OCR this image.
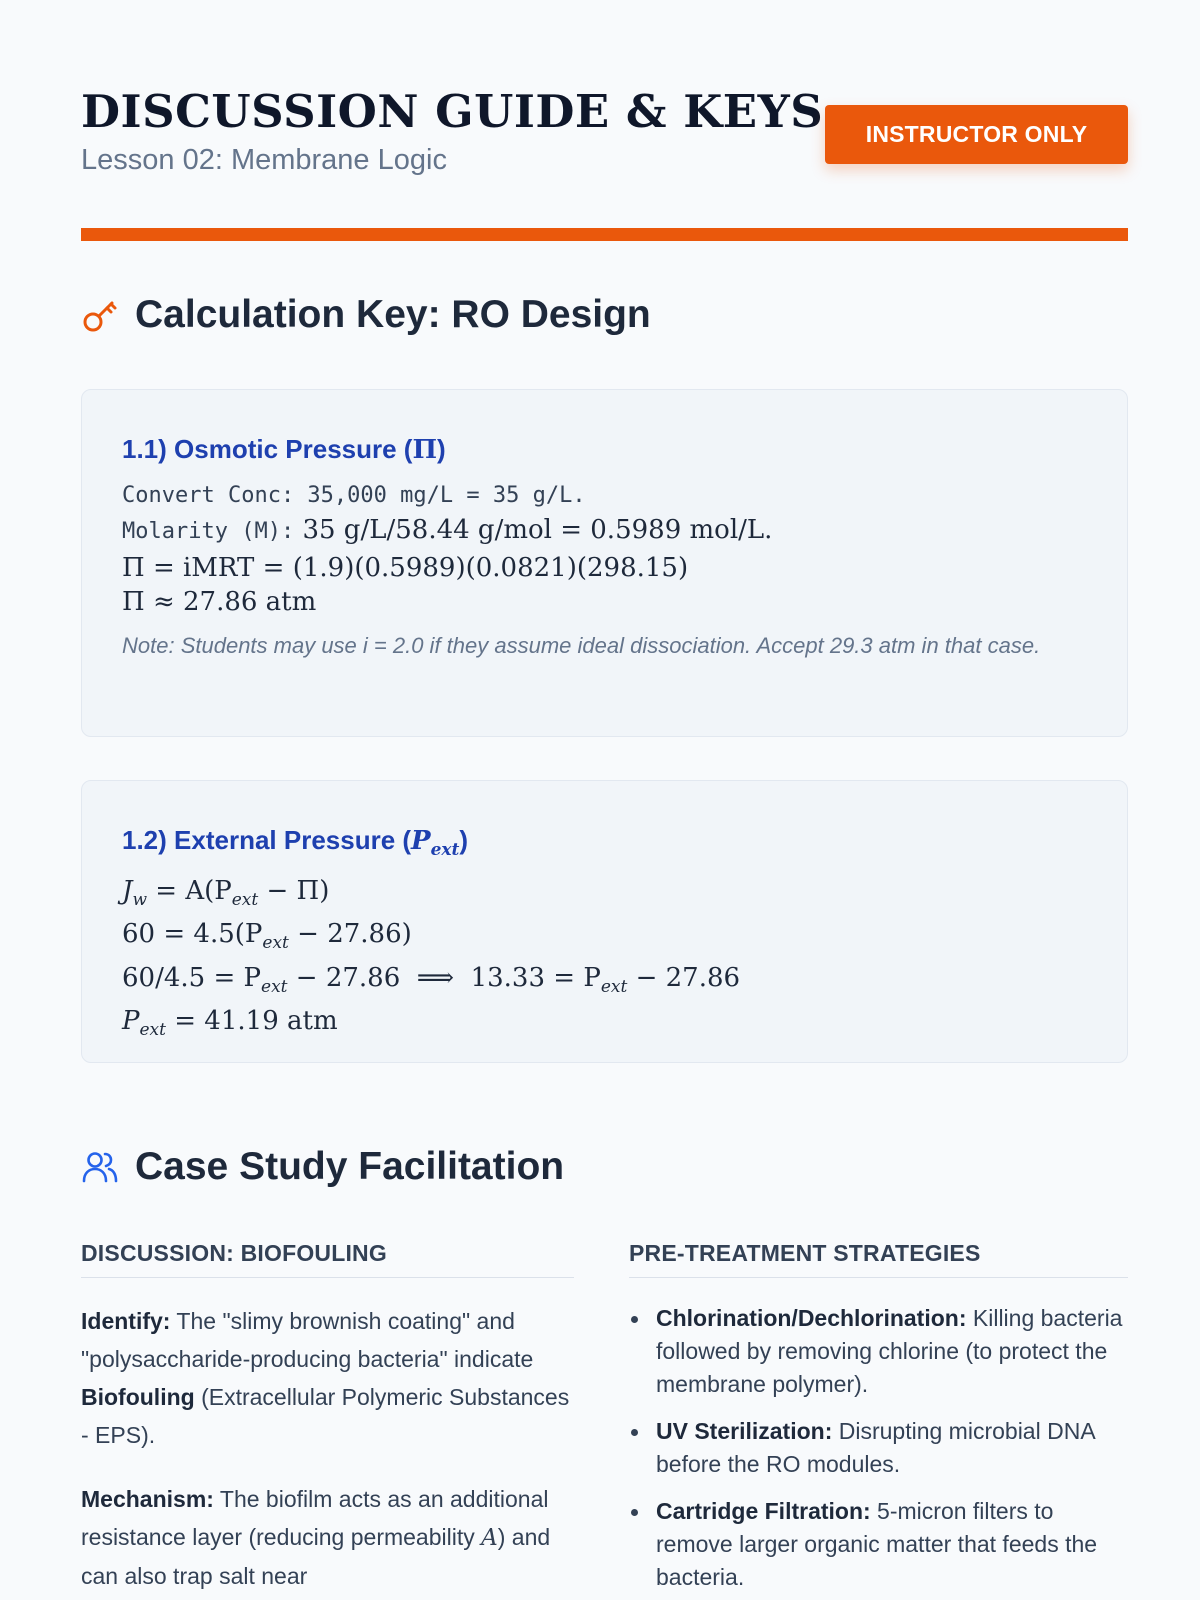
DISCUSSION GUIDE & KEYS
Lesson 02: Membrane Logic
INSTRUCTOR ONLY
Calculation Key: RO Design
1.1) Osmotic Pressure (Π)
Convert Conc: 35,000 mg/L = 35 g/L.
Molarity (M): 35 g/L/58.44 g/mol = 0.5989 mol/L.
Π = iMRT = (1.9)(0.5989)(0.0821)(298.15)
Π ≈ 27.86 atm
Note: Students may use i = 2.0 if they assume ideal dissociation. Accept 29.3 atm in that case.
1.2) External Pressure $(P_{ext})$
$J_w = A(P_{ext} - \Pi)$
$60 = 4.5(P_{ext} - 27.86)$
$60/4.5 = P_{ext} - 27.86$  ⟹  $13.33 = P_{ext} - 27.86$
$P_{ext} = 41.19$ atm
Case Study Facilitation
DISCUSSION: BIOFOULING

Identify: The "slimy brownish coating" and "polysaccharide-producing bacteria" indicate Biofouling (Extracellular Polymeric Substances - EPS).

Mechanism: The biofilm acts as an additional resistance layer (reducing permeability A) and can also trap salt near

PRE-TREATMENT STRATEGIES
Chlorination/Dechlorination: Killing bacteria followed by removing chlorine (to protect the membrane polymer).
UV Sterilization: Disrupting microbial DNA before the RO modules.
Cartridge Filtration: 5-micron filters to remove larger organic matter that feeds the bacteria.
